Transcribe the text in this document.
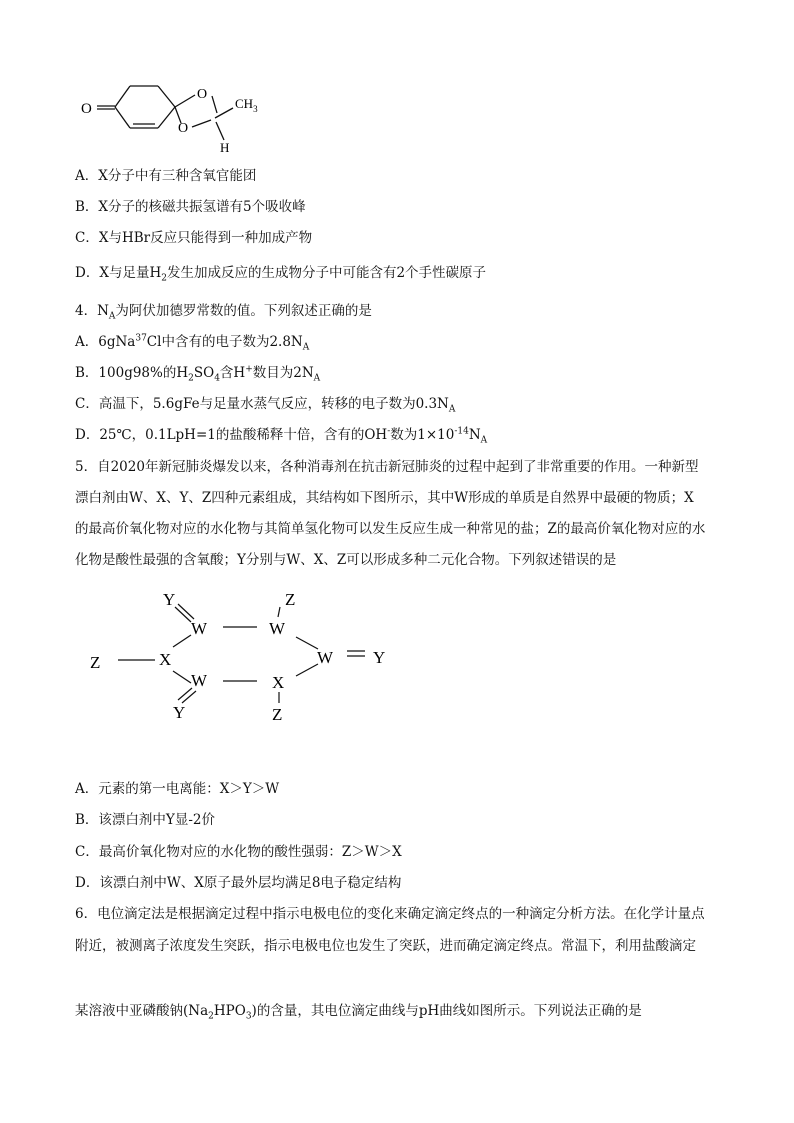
O
O
O
$CH_3$
H
A．X分子中有三种含氧官能团
B．X分子的核磁共振氢谱有5个吸收峰
C．X与HBr反应只能得到一种加成产物
D．X与足量$H_2$发生加成反应的生成物分子中可能含有2个手性碳原子
4．$N_A$为阿伏加德罗常数的值。下列叙述正确的是
A．6gNa$^{37}$Cl中含有的电子数为$2.8N_A$
B．100g98%的$H_2SO_4$含H+数目为$2N_A$
C．高温下，5.6gFe与足量水蒸气反应，转移的电子数为$0.3N_A$
D．25℃，0.1LpH=1的盐酸稀释十倍，含有的OH-数为$1\times 10^{-14}N_A$
5．自2020年新冠肺炎爆发以来，各种消毒剂在抗击新冠肺炎的过程中起到了非常重要的作用。一种新型
漂白剂由W、X、Y、Z四种元素组成，其结构如下图所示，其中W形成的单质是自然界中最硬的物质；X
的最高价氧化物对应的水化物与其简单氢化物可以发生反应生成一种常见的盐；Z的最高价氧化物对应的水
化物是酸性最强的含氧酸；Y分别与W、X、Z可以形成多种二元化合物。下列叙述错误的是
Y
W	W
Z
W Y
Z	X
W	X
Y	Z
A．元素的第一电离能：X＞Y＞W
B．该漂白剂中Y显-2价
C．最高价氧化物对应的水化物的酸性强弱：Z＞W＞X
D．该漂白剂中W、X原子最外层均满足8电子稳定结构
6．电位滴定法是根据滴定过程中指示电极电位的变化来确定滴定终点的一种滴定分析方法。在化学计量点
附近，被测离子浓度发生突跃，指示电极电位也发生了突跃，进而确定滴定终点。常温下，利用盐酸滴定
某溶液中亚磷酸钠$(Na_2HPO_3)$的含量，其电位滴定曲线与pH曲线如图所示。下列说法正确的是
